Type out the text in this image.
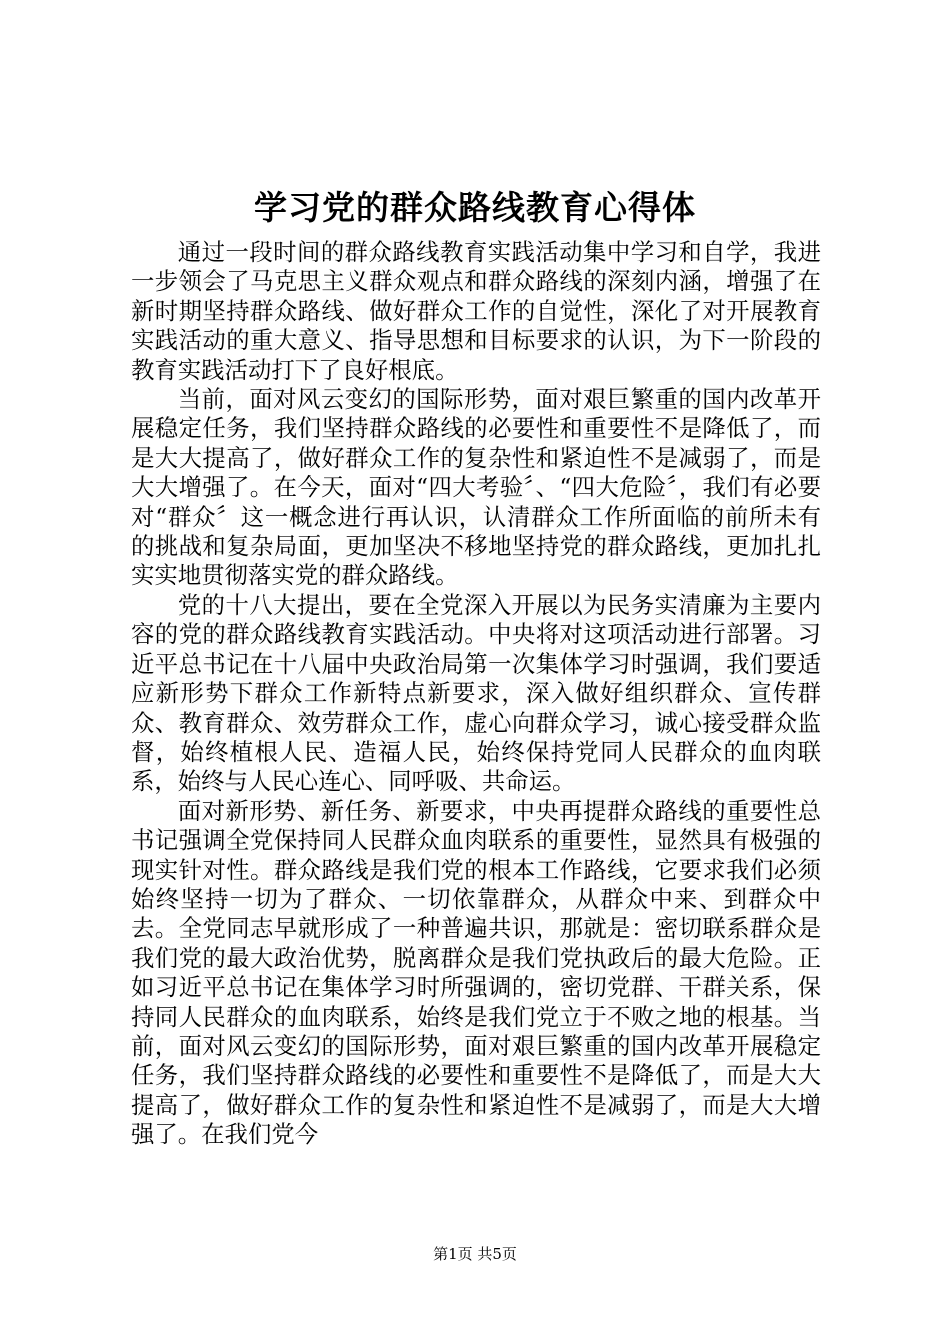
学习党的群众路线教育心得体

通过一段时间的群众路线教育实践活动集中学习和自学，我进一步领会了马克思主义群众观点和群众路线的深刻内涵，增强了在新时期坚持群众路线、做好群众工作的自觉性，深化了对开展教育实践活动的重大意义、指导思想和目标要求的认识，为下一阶段的教育实践活动打下了良好根底。

当前，面对风云变幻的国际形势，面对艰巨繁重的国内改革开展稳定任务，我们坚持群众路线的必要性和重要性不是降低了，而是大大提高了，做好群众工作的复杂性和紧迫性不是减弱了，而是大大增强了。在今天，面对“四大考验〞、“四大危险〞，我们有必要对“群众〞这一概念进行再认识，认清群众工作所面临的前所未有的挑战和复杂局面，更加坚决不移地坚持党的群众路线，更加扎扎实实地贯彻落实党的群众路线。

党的十八大提出，要在全党深入开展以为民务实清廉为主要内容的党的群众路线教育实践活动。中央将对这项活动进行部署。习近平总书记在十八届中央政治局第一次集体学习时强调，我们要适应新形势下群众工作新特点新要求，深入做好组织群众、宣传群众、教育群众、效劳群众工作，虚心向群众学习，诚心接受群众监督，始终植根人民、造福人民，始终保持党同人民群众的血肉联系，始终与人民心连心、同呼吸、共命运。

面对新形势、新任务、新要求，中央再提群众路线的重要性总书记强调全党保持同人民群众血肉联系的重要性，显然具有极强的现实针对性。群众路线是我们党的根本工作路线，它要求我们必须始终坚持一切为了群众、一切依靠群众，从群众中来、到群众中去。全党同志早就形成了一种普遍共识，那就是：密切联系群众是我们党的最大政治优势，脱离群众是我们党执政后的最大危险。正如习近平总书记在集体学习时所强调的，密切党群、干群关系，保持同人民群众的血肉联系，始终是我们党立于不败之地的根基。当前，面对风云变幻的国际形势，面对艰巨繁重的国内改革开展稳定任务，我们坚持群众路线的必要性和重要性不是降低了，而是大大提高了，做好群众工作的复杂性和紧迫性不是减弱了，而是大大增强了。在我们党今

第1页 共5页
